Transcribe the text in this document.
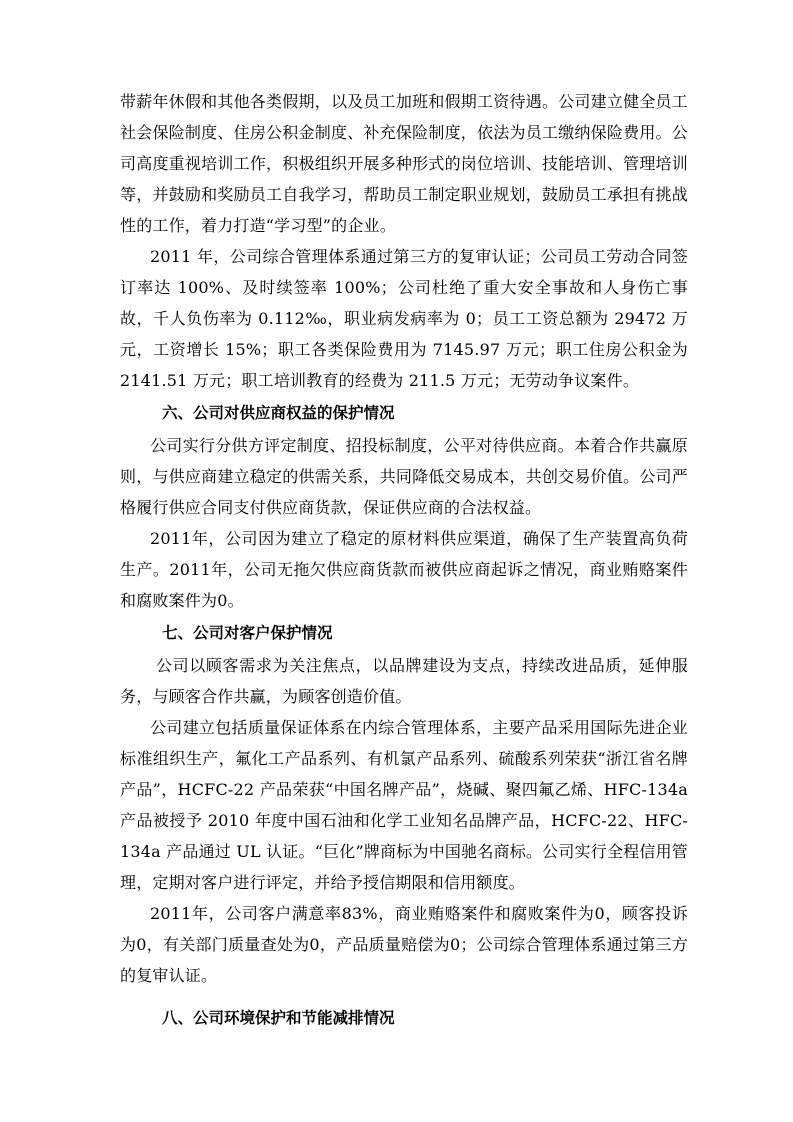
带薪年休假和其他各类假期，以及员工加班和假期工资待遇。公司建立健全员工社会保险制度、住房公积金制度、补充保险制度，依法为员工缴纳保险费用。公司高度重视培训工作，积极组织开展多种形式的岗位培训、技能培训、管理培训等，并鼓励和奖励员工自我学习，帮助员工制定职业规划，鼓励员工承担有挑战性的工作，着力打造“学习型”的企业。

2011 年，公司综合管理体系通过第三方的复审认证；公司员工劳动合同签订率达 100%、及时续签率 100%；公司杜绝了重大安全事故和人身伤亡事故，千人负伤率为 0.112‰，职业病发病率为 0；员工工资总额为 29472 万元，工资增长 15%；职工各类保险费用为 7145.97 万元；职工住房公积金为 2141.51 万元；职工培训教育的经费为 211.5 万元；无劳动争议案件。

六、公司对供应商权益的保护情况

公司实行分供方评定制度、招投标制度，公平对待供应商。本着合作共赢原则，与供应商建立稳定的供需关系，共同降低交易成本，共创交易价值。公司严格履行供应合同支付供应商货款，保证供应商的合法权益。

2011年，公司因为建立了稳定的原材料供应渠道，确保了生产装置高负荷生产。2011年，公司无拖欠供应商货款而被供应商起诉之情况，商业贿赂案件和腐败案件为0。

七、公司对客户保护情况

公司以顾客需求为关注焦点，以品牌建设为支点，持续改进品质，延伸服务，与顾客合作共赢，为顾客创造价值。

公司建立包括质量保证体系在内综合管理体系，主要产品采用国际先进企业标准组织生产，氟化工产品系列、有机氯产品系列、硫酸系列荣获“浙江省名牌产品”，HCFC-22 产品荣获“中国名牌产品”，烧碱、聚四氟乙烯、HFC-134a 产品被授予 2010 年度中国石油和化学工业知名品牌产品，HCFC-22、HFC-134a 产品通过 UL 认证。“巨化”牌商标为中国驰名商标。公司实行全程信用管理，定期对客户进行评定，并给予授信期限和信用额度。

2011年，公司客户满意率83%，商业贿赂案件和腐败案件为0，顾客投诉为0，有关部门质量查处为0，产品质量赔偿为0；公司综合管理体系通过第三方的复审认证。

八、公司环境保护和节能减排情况
